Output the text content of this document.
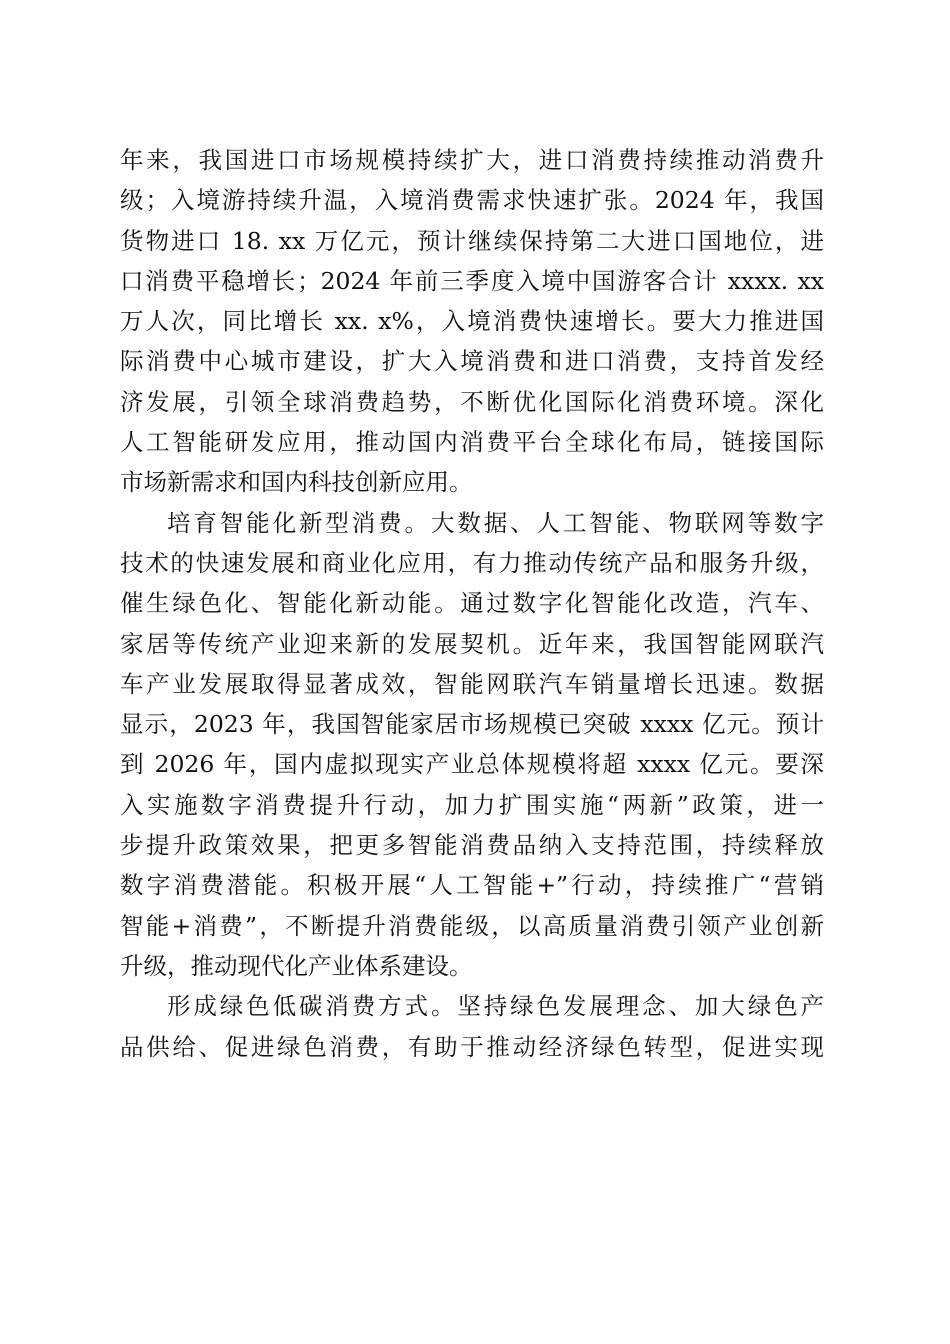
年来，我国进口市场规模持续扩大，进口消费持续推动消费升
级；入境游持续升温，入境消费需求快速扩张。2024 年，我国
货物进口 18. xx 万亿元，预计继续保持第二大进口国地位，进
口消费平稳增长；2024 年前三季度入境中国游客合计 xxxx. xx
万人次，同比增长 xx. x%，入境消费快速增长。要大力推进国
际消费中心城市建设，扩大入境消费和进口消费，支持首发经
济发展，引领全球消费趋势，不断优化国际化消费环境。深化
人工智能研发应用，推动国内消费平台全球化布局，链接国际
市场新需求和国内科技创新应用。
培育智能化新型消费。大数据、人工智能、物联网等数字
技术的快速发展和商业化应用，有力推动传统产品和服务升级，
催生绿色化、智能化新动能。通过数字化智能化改造，汽车、
家居等传统产业迎来新的发展契机。近年来，我国智能网联汽
车产业发展取得显著成效，智能网联汽车销量增长迅速。数据
显示，2023 年，我国智能家居市场规模已突破 xxxx 亿元。预计
到 2026 年，国内虚拟现实产业总体规模将超 xxxx 亿元。要深
入实施数字消费提升行动，加力扩围实施“两新”政策，进一
步提升政策效果，把更多智能消费品纳入支持范围，持续释放
数字消费潜能。积极开展“人工智能+”行动，持续推广“营销
智能+消费”，不断提升消费能级，以高质量消费引领产业创新
升级，推动现代化产业体系建设。
形成绿色低碳消费方式。坚持绿色发展理念、加大绿色产
品供给、促进绿色消费，有助于推动经济绿色转型，促进实现
